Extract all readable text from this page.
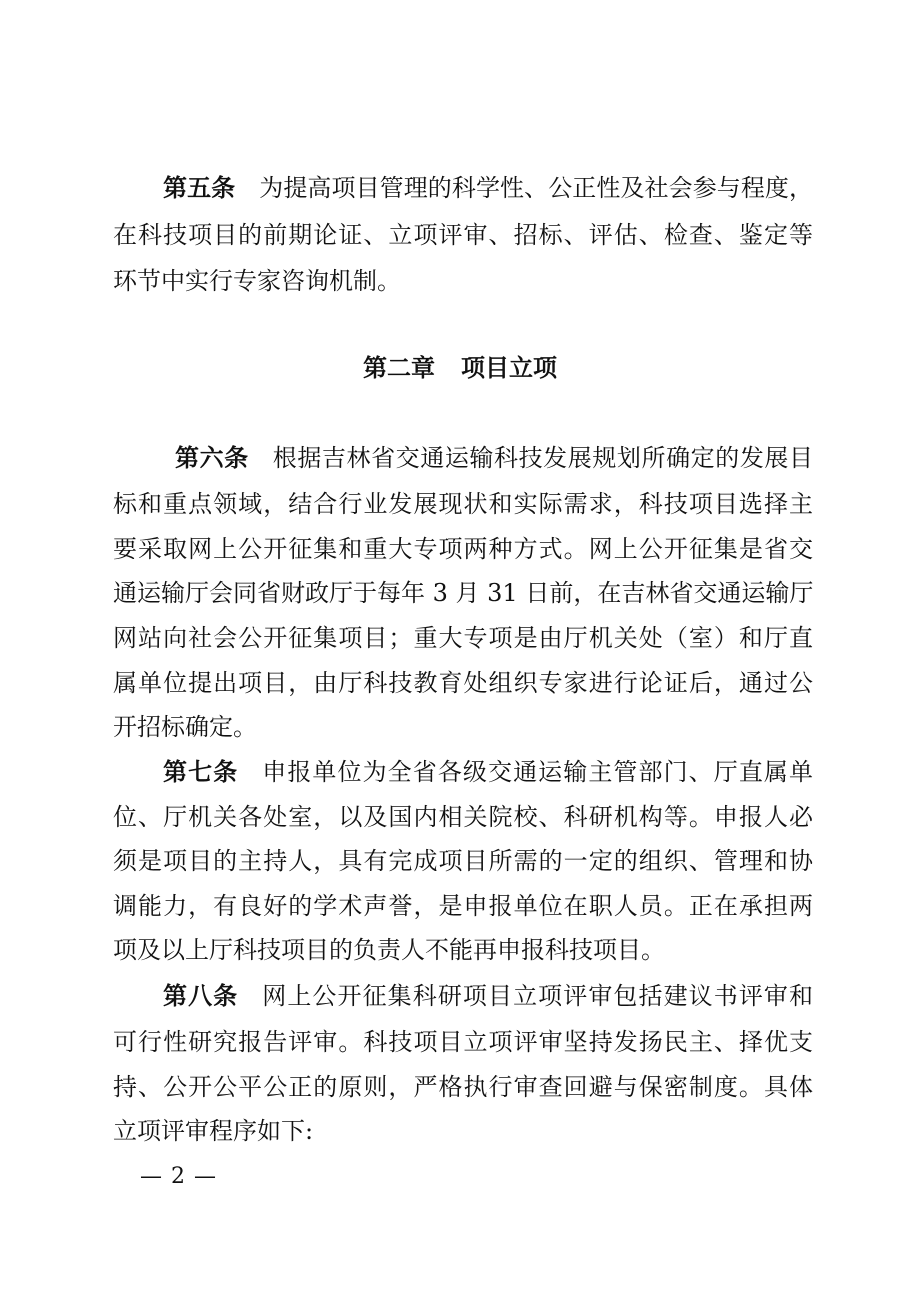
第五条 为提高项目管理的科学性、公正性及社会参与程度，
在科技项目的前期论证、立项评审、招标、评估、检查、鉴定等
环节中实行专家咨询机制。
第二章 项目立项
第六条 根据吉林省交通运输科技发展规划所确定的发展目
标和重点领域，结合行业发展现状和实际需求，科技项目选择主
要采取网上公开征集和重大专项两种方式。网上公开征集是省交
通运输厅会同省财政厅于每年 3 月 31 日前，在吉林省交通运输厅
网站向社会公开征集项目；重大专项是由厅机关处（室）和厅直
属单位提出项目，由厅科技教育处组织专家进行论证后，通过公
开招标确定。
第七条 申报单位为全省各级交通运输主管部门、厅直属单
位、厅机关各处室，以及国内相关院校、科研机构等。申报人必
须是项目的主持人，具有完成项目所需的一定的组织、管理和协
调能力，有良好的学术声誉，是申报单位在职人员。正在承担两
项及以上厅科技项目的负责人不能再申报科技项目。
第八条 网上公开征集科研项目立项评审包括建议书评审和
可行性研究报告评审。科技项目立项评审坚持发扬民主、择优支
持、公开公平公正的原则，严格执行审查回避与保密制度。具体
立项评审程序如下:
— 2 —
